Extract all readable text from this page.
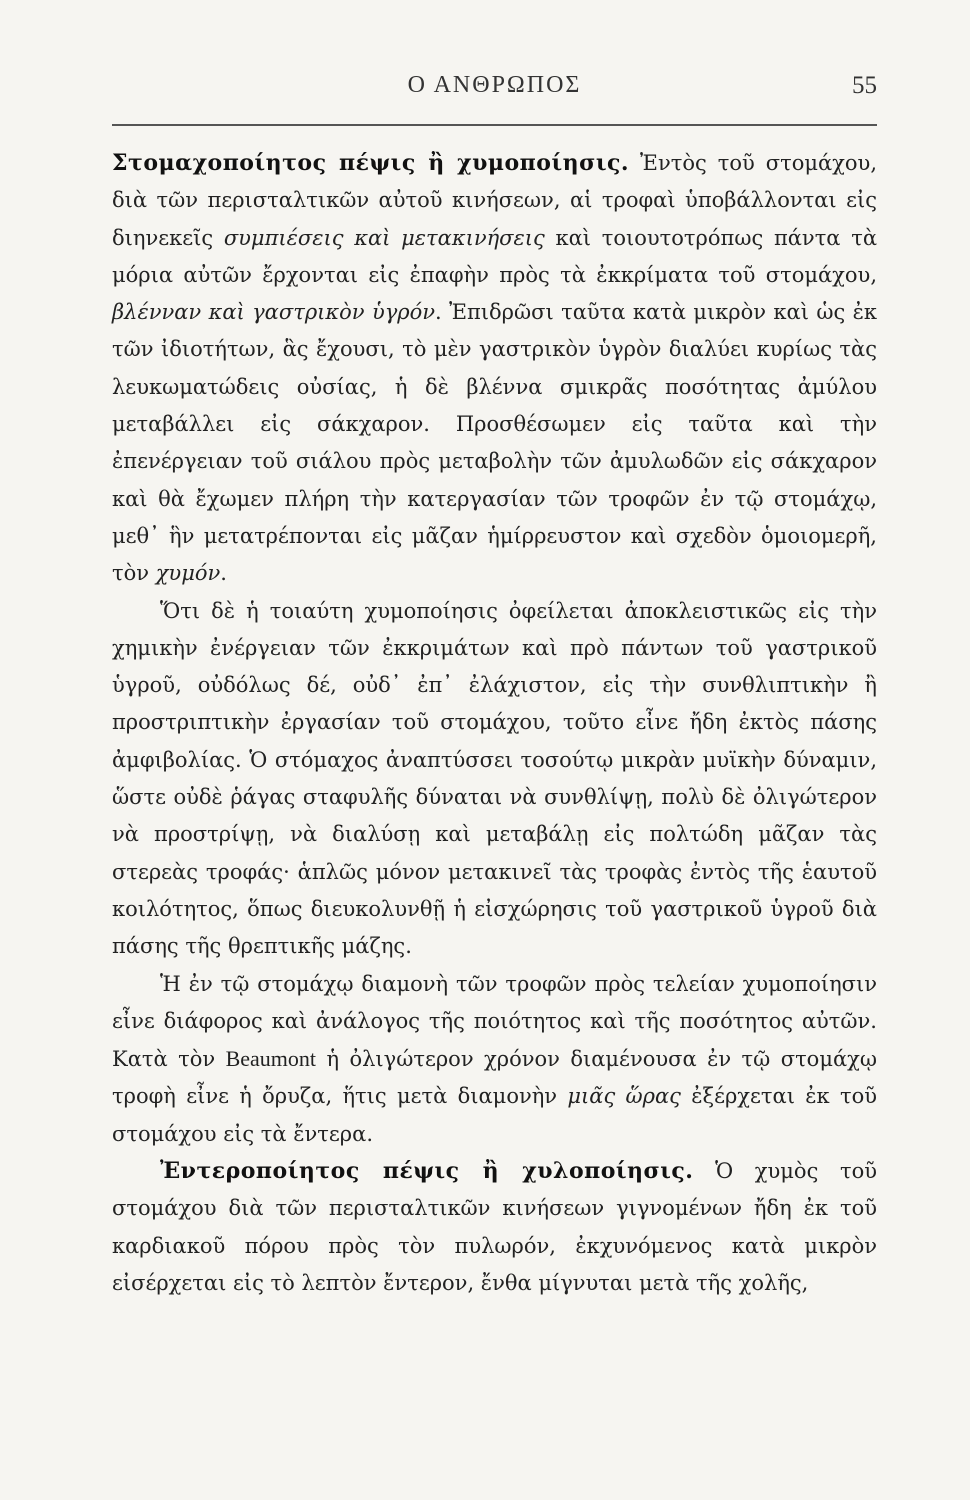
Ο ΑΝΘΡΩΠΟΣ	55

Στομαχοποίητος πέψις ἢ χυμοποίησις. Ἐντὸς τοῦ στομάχου, διὰ τῶν περισταλτικῶν αὐτοῦ κινήσεων, αἱ τροφαὶ ὑποβάλλονται εἰς διηνεκεῖς συμπιέσεις καὶ μετακινήσεις καὶ τοιουτοτρόπως πάντα τὰ μόρια αὐτῶν ἔρχονται εἰς ἐπαφὴν πρὸς τὰ ἐκκρίματα τοῦ στομάχου, βλένναν καὶ γαστρικὸν ὑγρόν. Ἐπιδρῶσι ταῦτα κατὰ μικρὸν καὶ ὡς ἐκ τῶν ἰδιοτήτων, ἃς ἔχουσι, τὸ μὲν γαστρικὸν ὑγρὸν διαλύει κυρίως τὰς λευκωματώδεις οὐσίας, ἡ δὲ βλέννα σμικρᾶς ποσότητας ἀμύλου μεταβάλλει εἰς σάκχαρον. Προσθέσωμεν εἰς ταῦτα καὶ τὴν ἐπενέργειαν τοῦ σιάλου πρὸς μεταβολὴν τῶν ἀμυλωδῶν εἰς σάκχαρον καὶ θὰ ἔχωμεν πλήρη τὴν κατεργασίαν τῶν τροφῶν ἐν τῷ στομάχῳ, μεθ᾿ ἣν μετατρέπονται εἰς μᾶζαν ἡμίρρευστον καὶ σχεδὸν ὁμοιομερῆ, τὸν χυμόν.

Ὅτι δὲ ἡ τοιαύτη χυμοποίησις ὀφείλεται ἀποκλειστικῶς εἰς τὴν χημικὴν ἐνέργειαν τῶν ἐκκριμάτων καὶ πρὸ πάντων τοῦ γαστρικοῦ ὑγροῦ, οὐδόλως δέ, οὐδ᾿ ἐπ᾿ ἐλάχιστον, εἰς τὴν συνθλιπτικὴν ἢ προστριπτικὴν ἐργασίαν τοῦ στομάχου, τοῦτο εἶνε ἤδη ἐκτὸς πάσης ἀμφιβολίας. Ὁ στόμαχος ἀναπτύσσει τοσούτῳ μικρὰν μυϊκὴν δύναμιν, ὥστε οὐδὲ ῥάγας σταφυλῆς δύναται νὰ συνθλίψῃ, πολὺ δὲ ὀλιγώτερον νὰ προστρίψῃ, νὰ διαλύσῃ καὶ μεταβάλῃ εἰς πολτώδη μᾶζαν τὰς στερεὰς τροφάς· ἁπλῶς μόνον μετακινεῖ τὰς τροφὰς ἐντὸς τῆς ἑαυτοῦ κοιλότητος, ὅπως διευκολυνθῇ ἡ εἰσχώρησις τοῦ γαστρικοῦ ὑγροῦ διὰ πάσης τῆς θρεπτικῆς μάζης.

Ἡ ἐν τῷ στομάχῳ διαμονὴ τῶν τροφῶν πρὸς τελείαν χυμοποίησιν εἶνε διάφορος καὶ ἀνάλογος τῆς ποιότητος καὶ τῆς ποσότητος αὐτῶν. Κατὰ τὸν Beaumont ἡ ὀλιγώτερον χρόνον διαμένουσα ἐν τῷ στομάχῳ τροφὴ εἶνε ἡ ὄρυζα, ἥτις μετὰ διαμονὴν μιᾶς ὥρας ἐξέρχεται ἐκ τοῦ στομάχου εἰς τὰ ἔντερα.

Ἐντεροποίητος πέψις ἢ χυλοποίησις. Ὁ χυμὸς τοῦ στομάχου διὰ τῶν περισταλτικῶν κινήσεων γιγνομένων ἤδη ἐκ τοῦ καρδιακοῦ πόρου πρὸς τὸν πυλωρόν, ἐκχυνόμενος κατὰ μικρὸν εἰσέρχεται εἰς τὸ λεπτὸν ἔντερον, ἔνθα μίγνυται μετὰ τῆς χολῆς,
